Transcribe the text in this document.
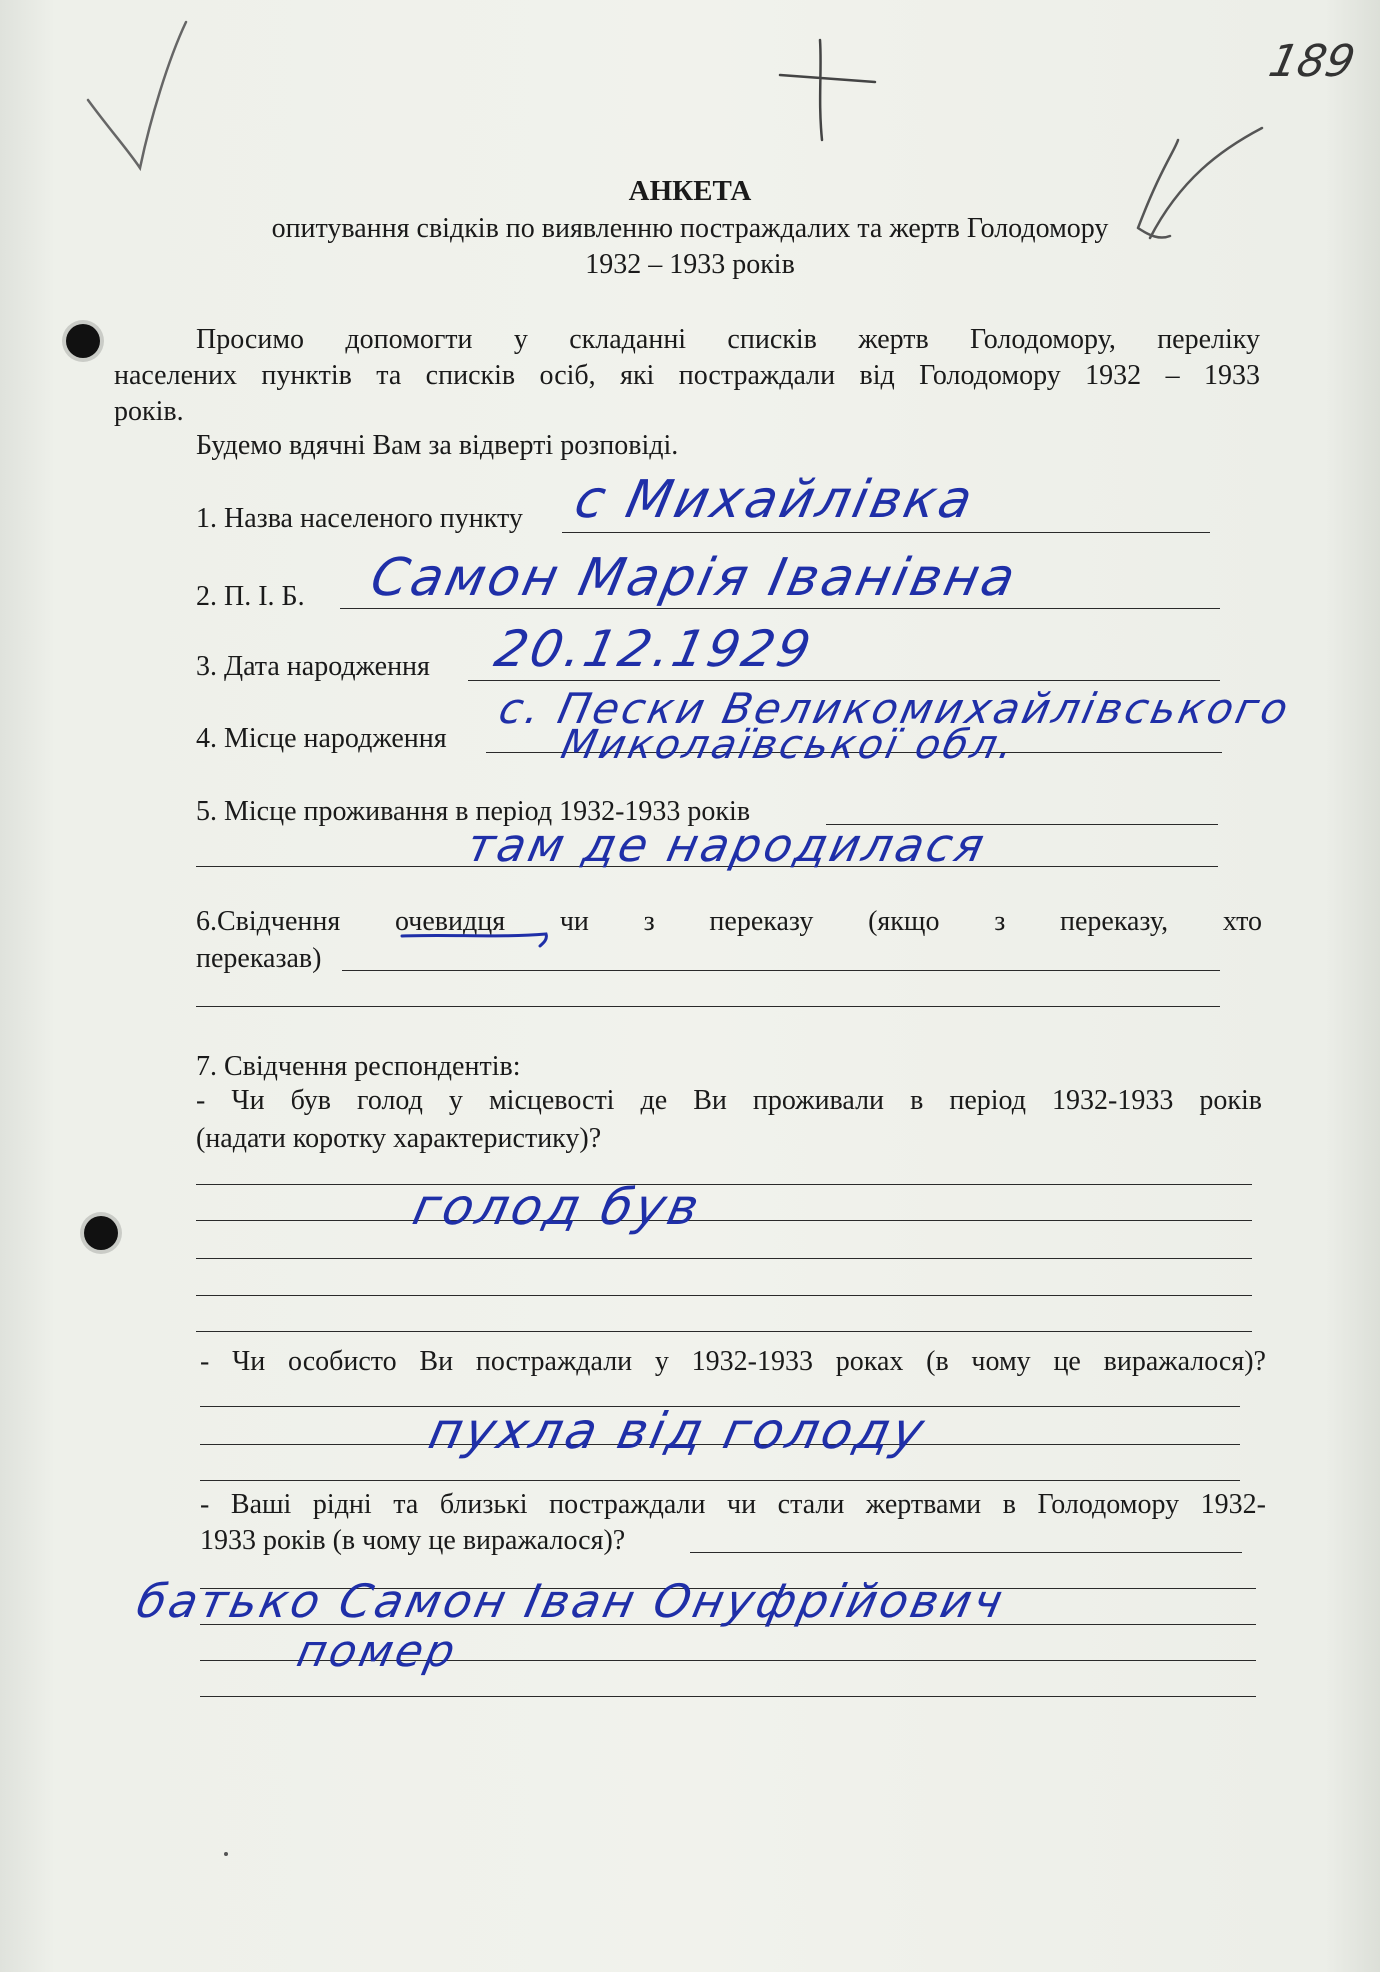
189
АНКЕТА
опитування свідків по виявленню постраждалих та жертв Голодомору
1932 – 1933 років
Просимо допомогти у складанні списків жертв Голодомору, переліку
населених пунктів та списків осіб, які постраждали від Голодомору 1932 – 1933
років.
Будемо вдячні Вам за відверті розповіді.
1. Назва населеного пункту с Михайлівка
2. П. І. Б. Самон Марія Іванівна
3. Дата народження 20.12.1929
4. Місце народження
с. Пески Великомихайлівського
Миколаївської обл.
5. Місце проживання в період 1932-1933 років
там де народилася
6.Свідчення очевидця чи з переказу (якщо з переказу, хто
переказав)
7. Свідчення респондентів:
- Чи був голод у місцевості де Ви проживали в період 1932-1933 років
(надати коротку характеристику)?
голод був
- Чи особисто Ви постраждали у 1932-1933 роках (в чому це виражалося)?
пухла від голоду
- Ваші рідні та близькі постраждали чи стали жертвами в Голодомору 1932-
1933 років (в чому це виражалося)?
батько Самон Іван Онуфрійович
помер
